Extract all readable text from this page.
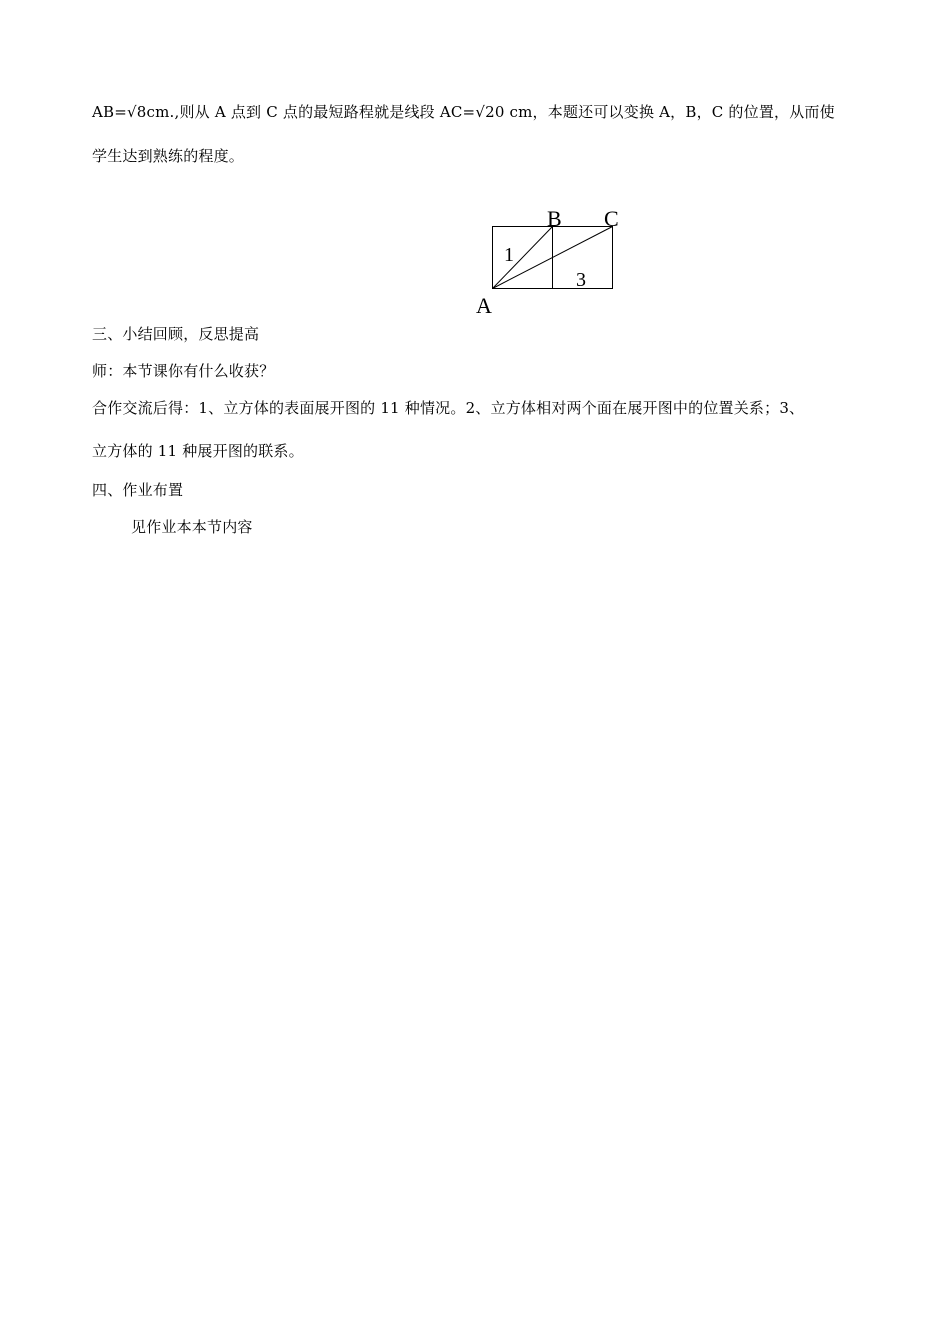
AB=√8cm.,则从 A 点到 C 点的最短路程就是线段 AC=√20 cm，本题还可以变换 A，B，C 的位置，从而使
学生达到熟练的程度。
B C
A
1
3
三、小结回顾，反思提高
师：本节课你有什么收获？
合作交流后得：1、立方体的表面展开图的 11 种情况。2、立方体相对两个面在展开图中的位置关系；3、
立方体的 11 种展开图的联系。
四、作业布置
见作业本本节内容
